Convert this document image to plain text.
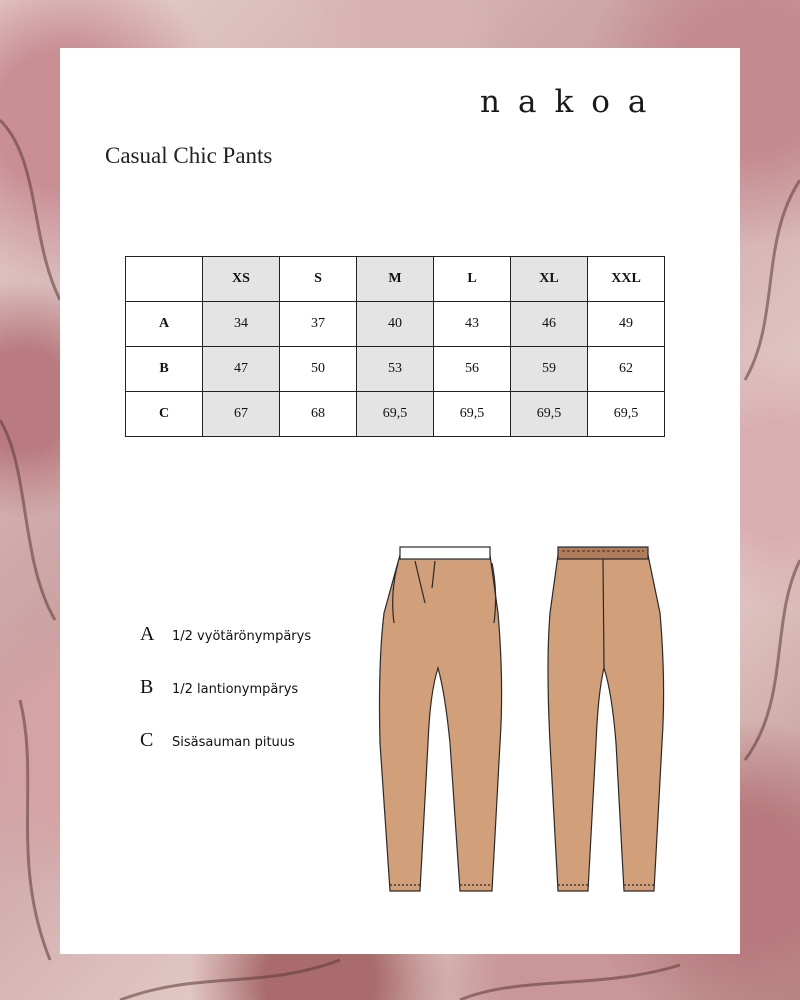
nakoa
Casual Chic Pants
	XS	S	M	L	XL	XXL
A	34	37	40	43	46	49
B	47	50	53	56	59	62
C	67	68	69,5	69,5	69,5	69,5
A	1/2 vyötärönympärys
B	1/2 lantionympärys
C	Sisäsauman pituus
